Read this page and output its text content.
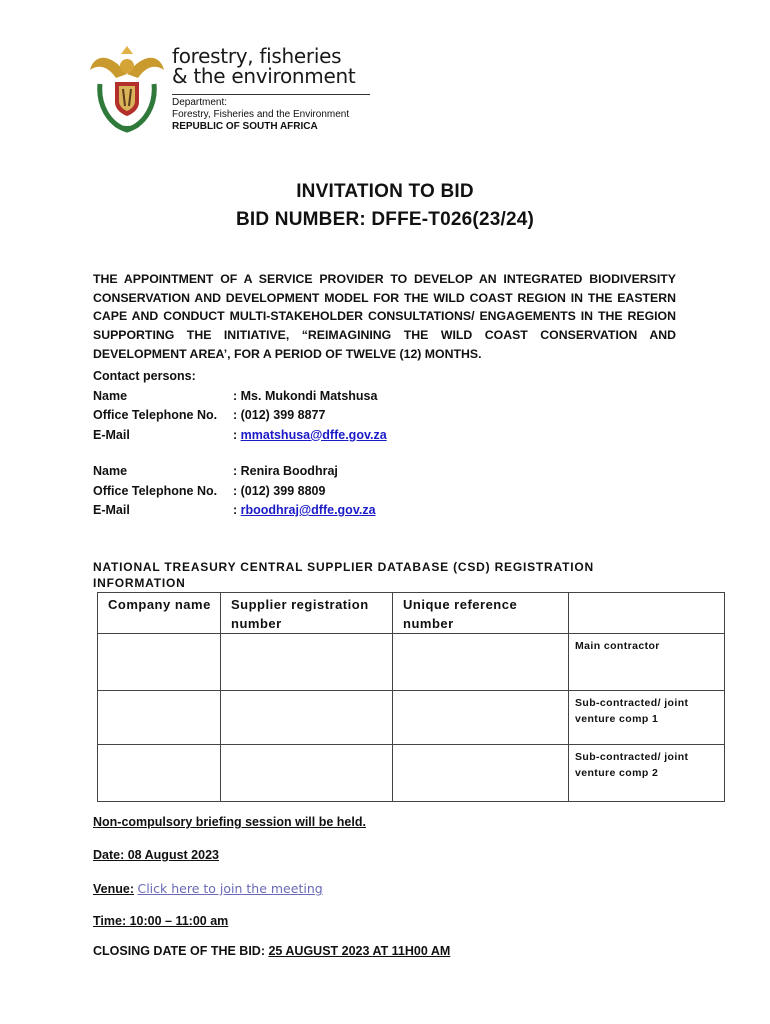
forestry, fisheries
& the environment
Department:
Forestry, Fisheries and the Environment
REPUBLIC OF SOUTH AFRICA
INVITATION TO BID
BID NUMBER: DFFE-T026(23/24)
THE APPOINTMENT OF A SERVICE PROVIDER TO DEVELOP AN INTEGRATED BIODIVERSITY CONSERVATION AND DEVELOPMENT MODEL FOR THE WILD COAST REGION IN THE EASTERN CAPE AND CONDUCT MULTI-STAKEHOLDER CONSULTATIONS/ ENGAGEMENTS IN THE REGION SUPPORTING THE INITIATIVE, “REIMAGINING THE WILD COAST CONSERVATION AND DEVELOPMENT AREA’, FOR A PERIOD OF TWELVE (12) MONTHS.
Contact persons:
Name	: Ms. Mukondi Matshusa
Office Telephone No.	: (012) 399 8877
E-Mail	: mmatshusa@dffe.gov.za
Name	: Renira Boodhraj
Office Telephone No.	: (012) 399 8809
E-Mail	: rboodhraj@dffe.gov.za
NATIONAL TREASURY CENTRAL SUPPLIER DATABASE (CSD) REGISTRATION INFORMATION
Company name	Supplier registration number	Unique reference number	
			Main contractor
			Sub-contracted/ joint venture comp 1
			Sub-contracted/ joint venture comp 2
Non-compulsory briefing session will be held.
Date: 08 August 2023
Venue: Click here to join the meeting
Time: 10:00 – 11:00 am
CLOSING DATE OF THE BID: 25 AUGUST 2023 AT 11H00 AM
